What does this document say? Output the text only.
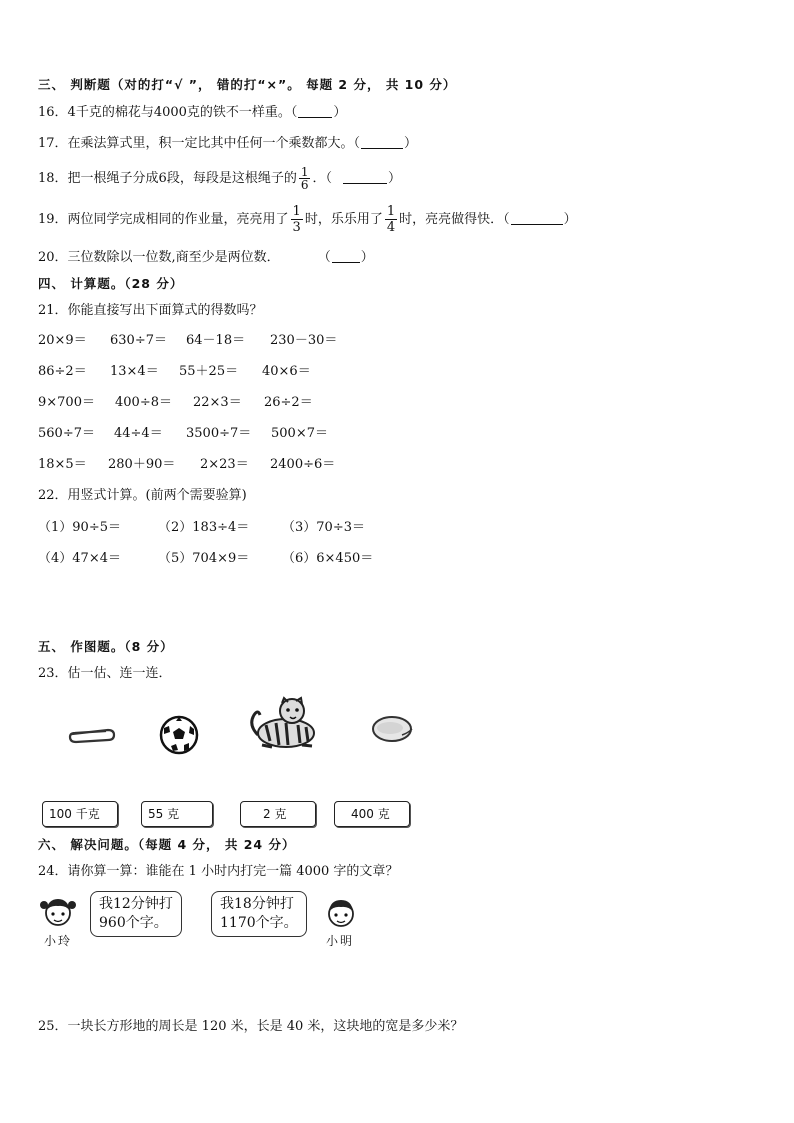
三、 判断题（对的打“√ ”， 错的打“×”。 每题 2 分， 共 10 分）
16．4千克的棉花与4000克的铁不一样重。（	）
17．在乘法算式里，积一定比其中任何一个乘数都大。（	）
18．把一根绳子分成6段，每段是这根绳子的 $\frac{1}{6}$ ．（	）
19．两位同学完成相同的作业量，亮亮用了 $\frac{1}{3}$ 时，乐乐用了 $\frac{1}{4}$ 时，亮亮做得快．（	）
20．三位数除以一位数,商至少是两位数．	（ ）
四、 计算题。（28 分）
21．你能直接写出下面算式的得数吗？
20×9＝ 630÷7＝ 64－18＝ 230－30＝
86÷2＝ 13×4＝ 55＋25＝ 40×6＝
9×700＝ 400÷8＝ 22×3＝ 26÷2＝
560÷7＝ 44÷4＝ 3500÷7＝ 500×7＝
18×5＝ 280＋90＝ 2×23＝ 2400÷6＝
22．用竖式计算。(前两个需要验算)
（1）90÷5＝	（2）183÷4＝	（3）70÷3＝
（4）47×4＝	（5）704×9＝	（6）6×450＝
五、 作图题。（8 分）
23．估一估、连一连．
100 千克	55 克	2 克	400 克
六、 解决问题。（每题 4 分， 共 24 分）
24．请你算一算：谁能在 1 小时内打完一篇 4000 字的文章？
小玲
我12分钟打
960个字。
我18分钟打
1170个字。
小明
25．一块长方形地的周长是 120 米，长是 40 米，这块地的宽是多少米？
